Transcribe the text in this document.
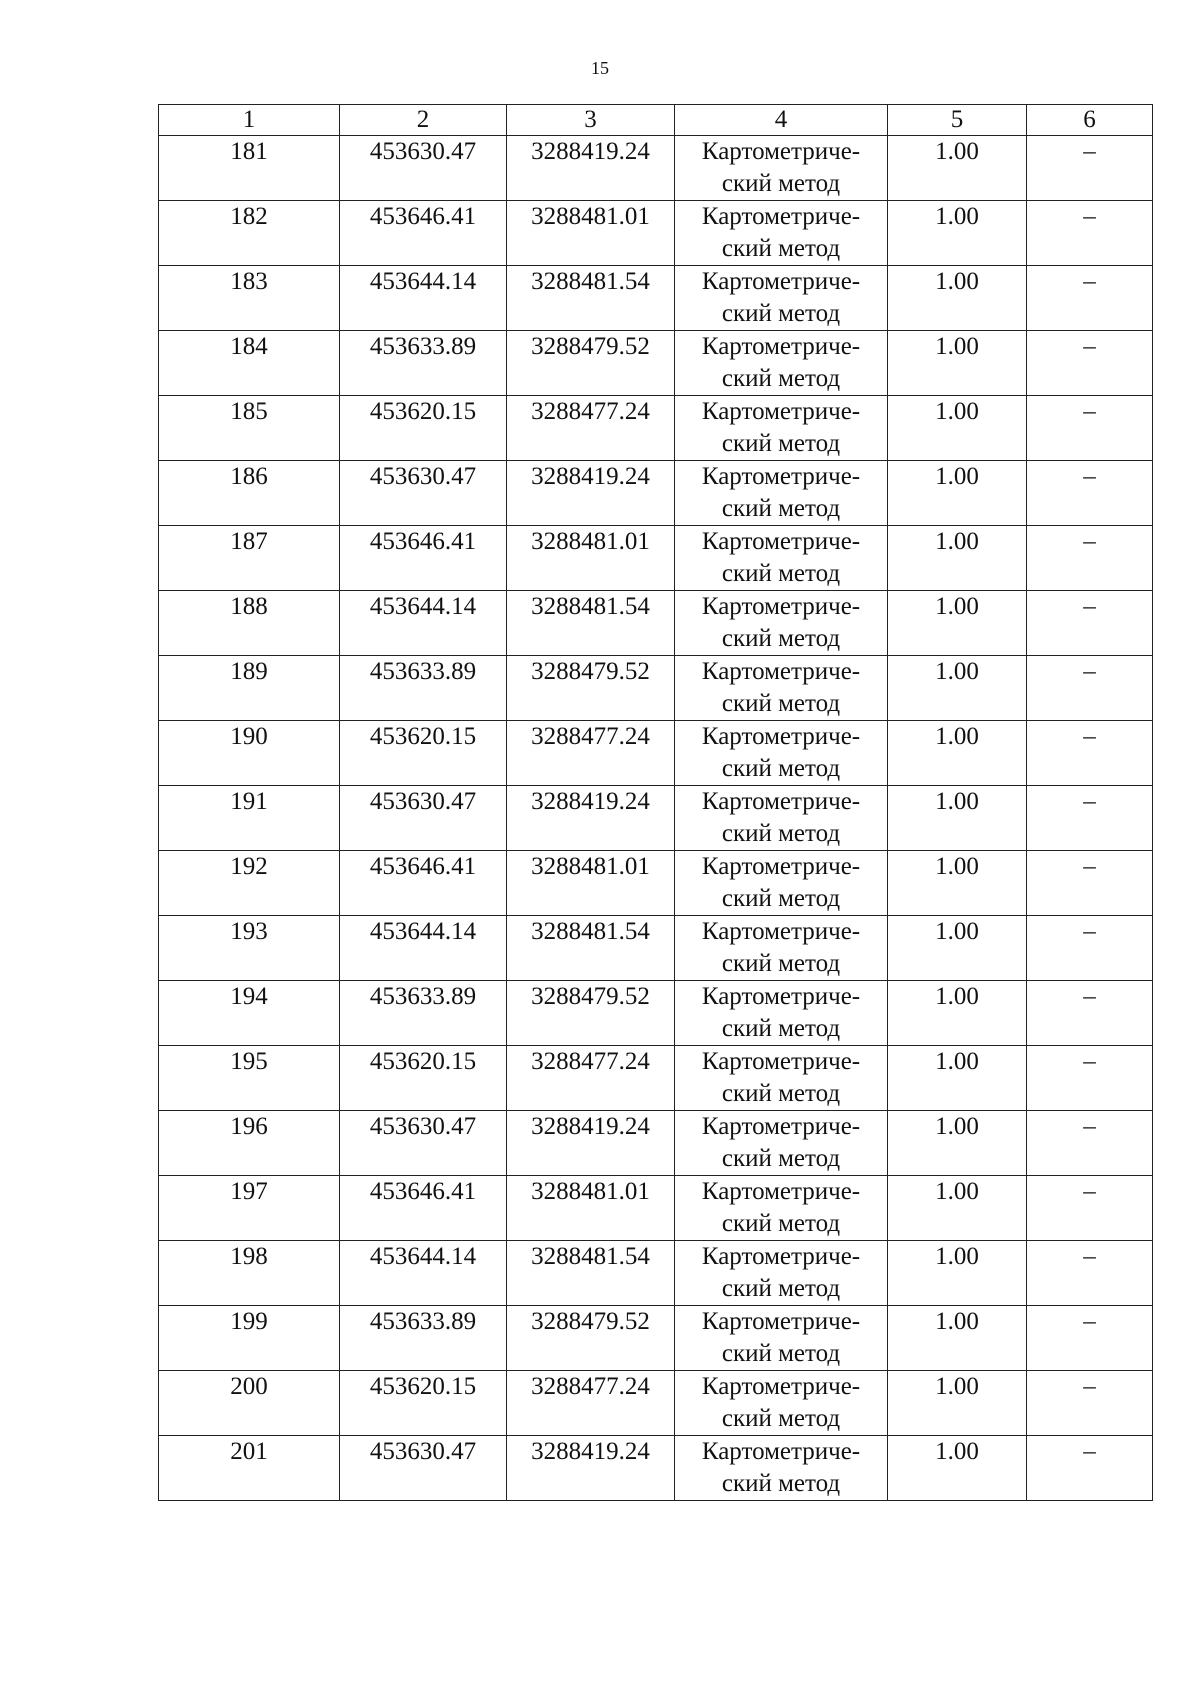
15
1	2	3	4	5	6
181	453630.47	3288419.24	Картометриче-
ский метод	1.00	–
182	453646.41	3288481.01	Картометриче-
ский метод	1.00	–
183	453644.14	3288481.54	Картометриче-
ский метод	1.00	–
184	453633.89	3288479.52	Картометриче-
ский метод	1.00	–
185	453620.15	3288477.24	Картометриче-
ский метод	1.00	–
186	453630.47	3288419.24	Картометриче-
ский метод	1.00	–
187	453646.41	3288481.01	Картометриче-
ский метод	1.00	–
188	453644.14	3288481.54	Картометриче-
ский метод	1.00	–
189	453633.89	3288479.52	Картометриче-
ский метод	1.00	–
190	453620.15	3288477.24	Картометриче-
ский метод	1.00	–
191	453630.47	3288419.24	Картометриче-
ский метод	1.00	–
192	453646.41	3288481.01	Картометриче-
ский метод	1.00	–
193	453644.14	3288481.54	Картометриче-
ский метод	1.00	–
194	453633.89	3288479.52	Картометриче-
ский метод	1.00	–
195	453620.15	3288477.24	Картометриче-
ский метод	1.00	–
196	453630.47	3288419.24	Картометриче-
ский метод	1.00	–
197	453646.41	3288481.01	Картометриче-
ский метод	1.00	–
198	453644.14	3288481.54	Картометриче-
ский метод	1.00	–
199	453633.89	3288479.52	Картометриче-
ский метод	1.00	–
200	453620.15	3288477.24	Картометриче-
ский метод	1.00	–
201	453630.47	3288419.24	Картометриче-
ский метод	1.00	–
